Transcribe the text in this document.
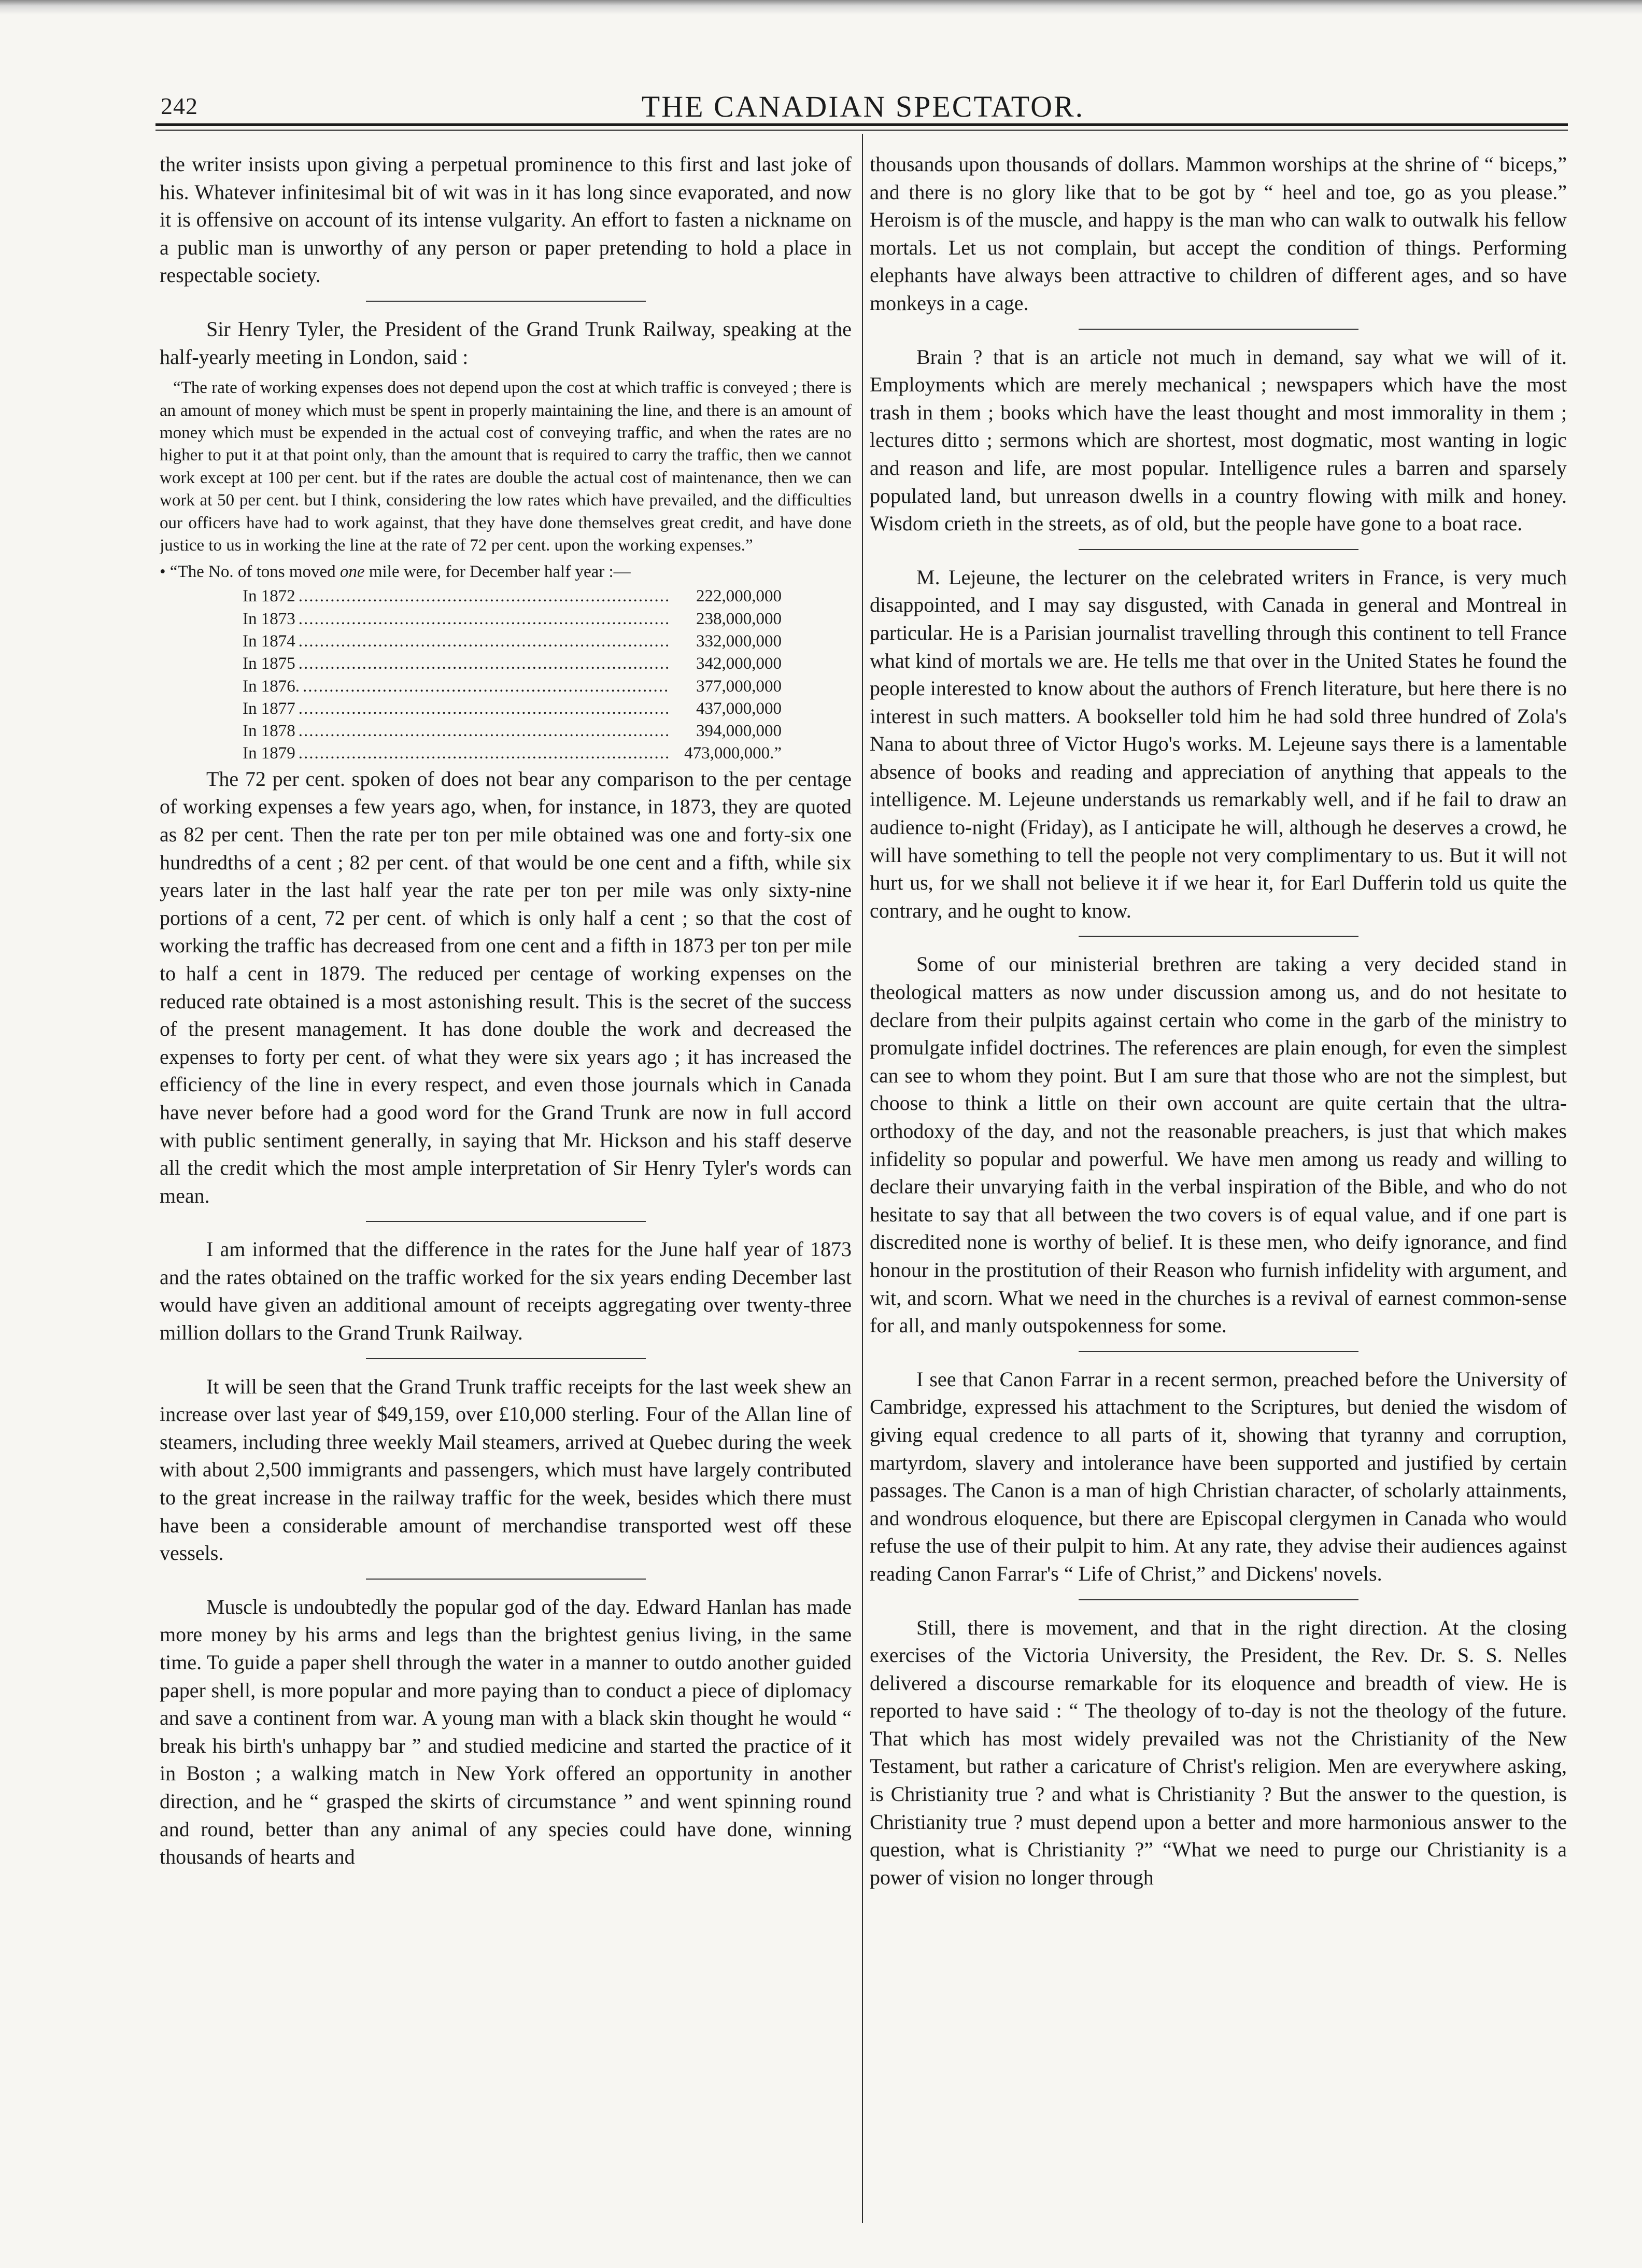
242	THE CANADIAN SPECTATOR.

the writer insists upon giving a perpetual prominence to this first and last joke of his. Whatever infinitesimal bit of wit was in it has long since evaporated, and now it is offensive on account of its intense vulgarity. An effort to fasten a nickname on a public man is unworthy of any person or paper pretending to hold a place in respectable society.

Sir Henry Tyler, the President of the Grand Trunk Railway, speaking at the half-yearly meeting in London, said :

“The rate of working expenses does not depend upon the cost at which traffic is conveyed ; there is an amount of money which must be spent in properly maintaining the line, and there is an amount of money which must be expended in the actual cost of conveying traffic, and when the rates are no higher to put it at that point only, than the amount that is required to carry the traffic, then we cannot work except at 100 per cent. but if the rates are double the actual cost of maintenance, then we can work at 50 per cent. but I think, considering the low rates which have prevailed, and the difficulties our officers have had to work against, that they have done themselves great credit, and have done justice to us in working the line at the rate of 72 per cent. upon the working expenses.”

• “The No. of tons moved one mile were, for December half year :—

In 1872 .....	222,000,000
In 1873 .....	238,000,000
In 1874 .....	332,000,000
In 1875 .....	342,000,000
In 1876. .....	377,000,000
In 1877 .....	437,000,000
In 1878 .....	394,000,000
In 1879 .....	473,000,000.”

The 72 per cent. spoken of does not bear any comparison to the per centage of working expenses a few years ago, when, for instance, in 1873, they are quoted as 82 per cent. Then the rate per ton per mile obtained was one and forty-six one hundredths of a cent ; 82 per cent. of that would be one cent and a fifth, while six years later in the last half year the rate per ton per mile was only sixty-nine portions of a cent, 72 per cent. of which is only half a cent ; so that the cost of working the traffic has decreased from one cent and a fifth in 1873 per ton per mile to half a cent in 1879. The reduced per centage of working expenses on the reduced rate obtained is a most astonishing result. This is the secret of the success of the present management. It has done double the work and decreased the expenses to forty per cent. of what they were six years ago ; it has increased the efficiency of the line in every respect, and even those journals which in Canada have never before had a good word for the Grand Trunk are now in full accord with public sentiment generally, in saying that Mr. Hickson and his staff deserve all the credit which the most ample interpretation of Sir Henry Tyler's words can mean.

I am informed that the difference in the rates for the June half year of 1873 and the rates obtained on the traffic worked for the six years ending December last would have given an additional amount of receipts aggregating over twenty-three million dollars to the Grand Trunk Railway.

It will be seen that the Grand Trunk traffic receipts for the last week shew an increase over last year of $49,159, over £10,000 sterling. Four of the Allan line of steamers, including three weekly Mail steamers, arrived at Quebec during the week with about 2,500 immigrants and passengers, which must have largely contributed to the great increase in the railway traffic for the week, besides which there must have been a considerable amount of merchandise transported west off these vessels.

Muscle is undoubtedly the popular god of the day. Edward Hanlan has made more money by his arms and legs than the brightest genius living, in the same time. To guide a paper shell through the water in a manner to outdo another guided paper shell, is more popular and more paying than to conduct a piece of diplomacy and save a continent from war. A young man with a black skin thought he would “ break his birth's unhappy bar ” and studied medicine and started the practice of it in Boston ; a walking match in New York offered an opportunity in another direction, and he “ grasped the skirts of circumstance ” and went spinning round and round, better than any animal of any species could have done, winning thousands of hearts and

thousands upon thousands of dollars. Mammon worships at the shrine of “ biceps,” and there is no glory like that to be got by “ heel and toe, go as you please.” Heroism is of the muscle, and happy is the man who can walk to outwalk his fellow mortals. Let us not complain, but accept the condition of things. Performing elephants have always been attractive to children of different ages, and so have monkeys in a cage.

Brain ? that is an article not much in demand, say what we will of it. Employments which are merely mechanical ; newspapers which have the most trash in them ; books which have the least thought and most immorality in them ; lectures ditto ; sermons which are shortest, most dogmatic, most wanting in logic and reason and life, are most popular. Intelligence rules a barren and sparsely populated land, but unreason dwells in a country flowing with milk and honey. Wisdom crieth in the streets, as of old, but the people have gone to a boat race.

M. Lejeune, the lecturer on the celebrated writers in France, is very much disappointed, and I may say disgusted, with Canada in general and Montreal in particular. He is a Parisian journalist travelling through this continent to tell France what kind of mortals we are. He tells me that over in the United States he found the people interested to know about the authors of French literature, but here there is no interest in such matters. A bookseller told him he had sold three hundred of Zola's Nana to about three of Victor Hugo's works. M. Lejeune says there is a lamentable absence of books and reading and appreciation of anything that appeals to the intelligence. M. Lejeune understands us remarkably well, and if he fail to draw an audience to-night (Friday), as I anticipate he will, although he deserves a crowd, he will have something to tell the people not very complimentary to us. But it will not hurt us, for we shall not believe it if we hear it, for Earl Dufferin told us quite the contrary, and he ought to know.

Some of our ministerial brethren are taking a very decided stand in theological matters as now under discussion among us, and do not hesitate to declare from their pulpits against certain who come in the garb of the ministry to promulgate infidel doctrines. The references are plain enough, for even the simplest can see to whom they point. But I am sure that those who are not the simplest, but choose to think a little on their own account are quite certain that the ultra-orthodoxy of the day, and not the reasonable preachers, is just that which makes infidelity so popular and powerful. We have men among us ready and willing to declare their unvarying faith in the verbal inspiration of the Bible, and who do not hesitate to say that all between the two covers is of equal value, and if one part is discredited none is worthy of belief. It is these men, who deify ignorance, and find honour in the prostitution of their Reason who furnish infidelity with argument, and wit, and scorn. What we need in the churches is a revival of earnest common-sense for all, and manly outspokenness for some.

I see that Canon Farrar in a recent sermon, preached before the University of Cambridge, expressed his attachment to the Scriptures, but denied the wisdom of giving equal credence to all parts of it, showing that tyranny and corruption, martyrdom, slavery and intolerance have been supported and justified by certain passages. The Canon is a man of high Christian character, of scholarly attainments, and wondrous eloquence, but there are Episcopal clergymen in Canada who would refuse the use of their pulpit to him. At any rate, they advise their audiences against reading Canon Farrar's “ Life of Christ,” and Dickens' novels.

Still, there is movement, and that in the right direction. At the closing exercises of the Victoria University, the President, the Rev. Dr. S. S. Nelles delivered a discourse remarkable for its eloquence and breadth of view. He is reported to have said : “ The theology of to-day is not the theology of the future. That which has most widely prevailed was not the Christianity of the New Testament, but rather a caricature of Christ's religion. Men are everywhere asking, is Christianity true ? and what is Christianity ? But the answer to the question, is Christianity true ? must depend upon a better and more harmonious answer to the question, what is Christianity ?” “What we need to purge our Christianity is a power of vision no longer through
